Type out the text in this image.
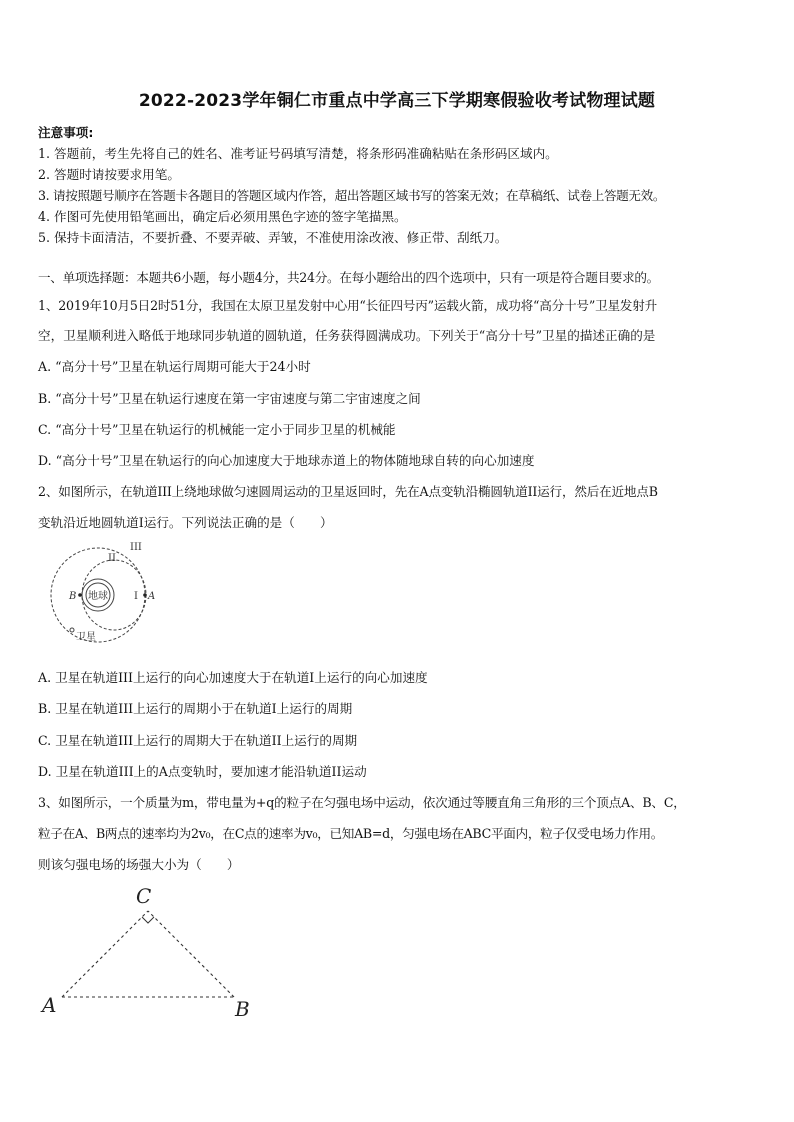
2022-2023学年铜仁市重点中学高三下学期寒假验收考试物理试题
注意事项:
1. 答题前，考生先将自己的姓名、准考证号码填写清楚，将条形码准确粘贴在条形码区域内。
2. 答题时请按要求用笔。
3. 请按照题号顺序在答题卡各题目的答题区域内作答，超出答题区域书写的答案无效；在草稿纸、试卷上答题无效。
4. 作图可先使用铅笔画出，确定后必须用黑色字迹的签字笔描黑。
5. 保持卡面清洁，不要折叠、不要弄破、弄皱，不准使用涂改液、修正带、刮纸刀。
一、单项选择题：本题共6小题，每小题4分，共24分。在每小题给出的四个选项中，只有一项是符合题目要求的。
1、2019年10月5日2时51分，我国在太原卫星发射中心用“长征四号丙”运载火箭，成功将“高分十号”卫星发射升
空，卫星顺利进入略低于地球同步轨道的圆轨道，任务获得圆满成功。下列关于“高分十号”卫星的描述正确的是
A. “高分十号”卫星在轨运行周期可能大于24小时
B. “高分十号”卫星在轨运行速度在第一宇宙速度与第二宇宙速度之间
C. “高分十号”卫星在轨运行的机械能一定小于同步卫星的机械能
D. “高分十号”卫星在轨运行的向心加速度大于地球赤道上的物体随地球自转的向心加速度
2、如图所示，在轨道III上绕地球做匀速圆周运动的卫星返回时，先在A点变轨沿椭圆轨道II运行，然后在近地点B
变轨沿近地圆轨道I运行。下列说法正确的是（　　）
地球
B	A
I
II
III
卫星
A. 卫星在轨道III上运行的向心加速度大于在轨道I上运行的向心加速度
B. 卫星在轨道III上运行的周期小于在轨道I上运行的周期
C. 卫星在轨道III上运行的周期大于在轨道II上运行的周期
D. 卫星在轨道III上的A点变轨时，要加速才能沿轨道II运动
3、如图所示，一个质量为m，带电量为+q的粒子在匀强电场中运动，依次通过等腰直角三角形的三个顶点A、B、C，
粒子在A、B两点的速率均为2v₀，在C点的速率为v₀，已知AB=d，匀强电场在ABC平面内，粒子仅受电场力作用。
则该匀强电场的场强大小为（　　）
A	B
C
